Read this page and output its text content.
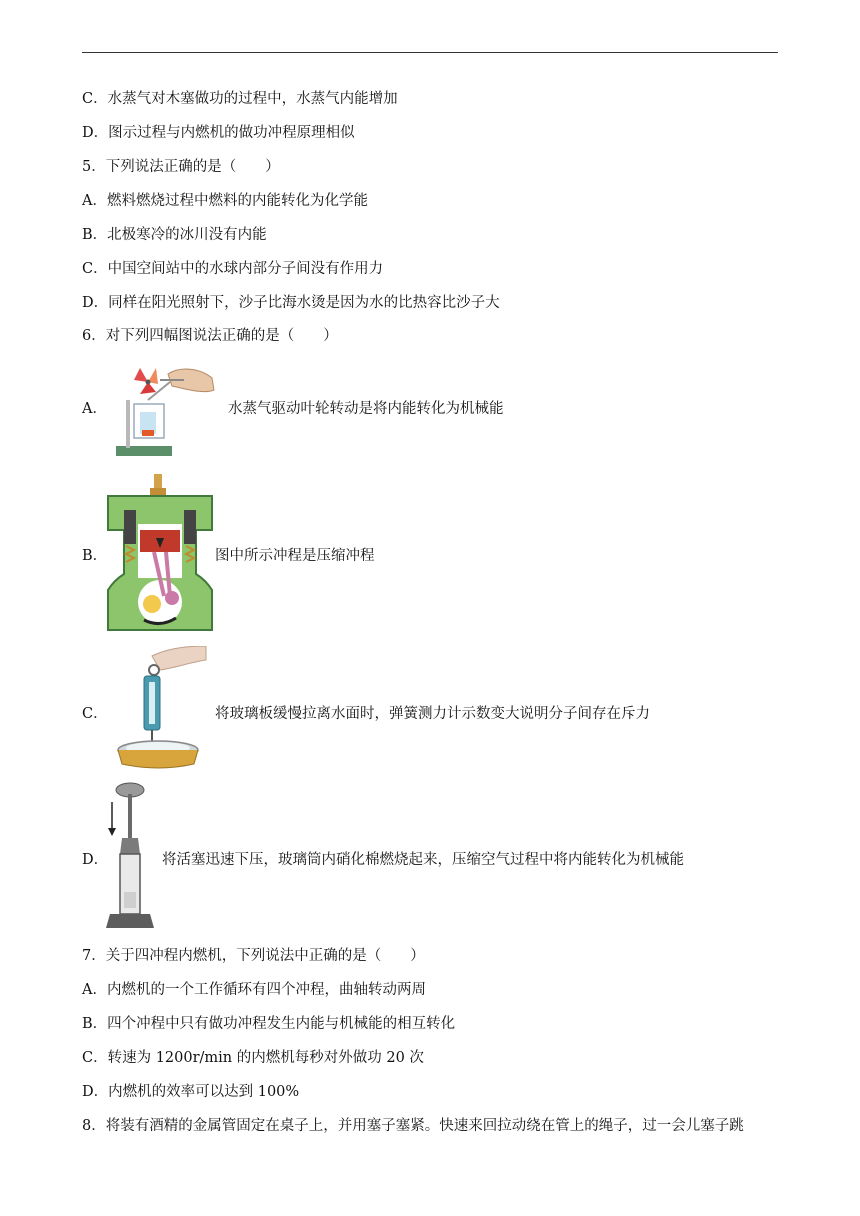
C．水蒸气对木塞做功的过程中，水蒸气内能增加
D．图示过程与内燃机的做功冲程原理相似
5．下列说法正确的是（　　）
A．燃料燃烧过程中燃料的内能转化为化学能
B．北极寒冷的冰川没有内能
C．中国空间站中的水球内部分子间没有作用力
D．同样在阳光照射下，沙子比海水烫是因为水的比热容比沙子大
6．对下列四幅图说法正确的是（　　）
A．	水蒸气驱动叶轮转动是将内能转化为机械能
B．	图中所示冲程是压缩冲程
C．	将玻璃板缓慢拉离水面时，弹簧测力计示数变大说明分子间存在斥力
D．	将活塞迅速下压，玻璃筒内硝化棉燃烧起来，压缩空气过程中将内能转化为机械能
7．关于四冲程内燃机，下列说法中正确的是（　　）
A．内燃机的一个工作循环有四个冲程，曲轴转动两周
B．四个冲程中只有做功冲程发生内能与机械能的相互转化
C．转速为 1200r/min 的内燃机每秒对外做功 20 次
D．内燃机的效率可以达到 100%
8．将装有酒精的金属管固定在桌子上，并用塞子塞紧。快速来回拉动绕在管上的绳子，过一会儿塞子跳
